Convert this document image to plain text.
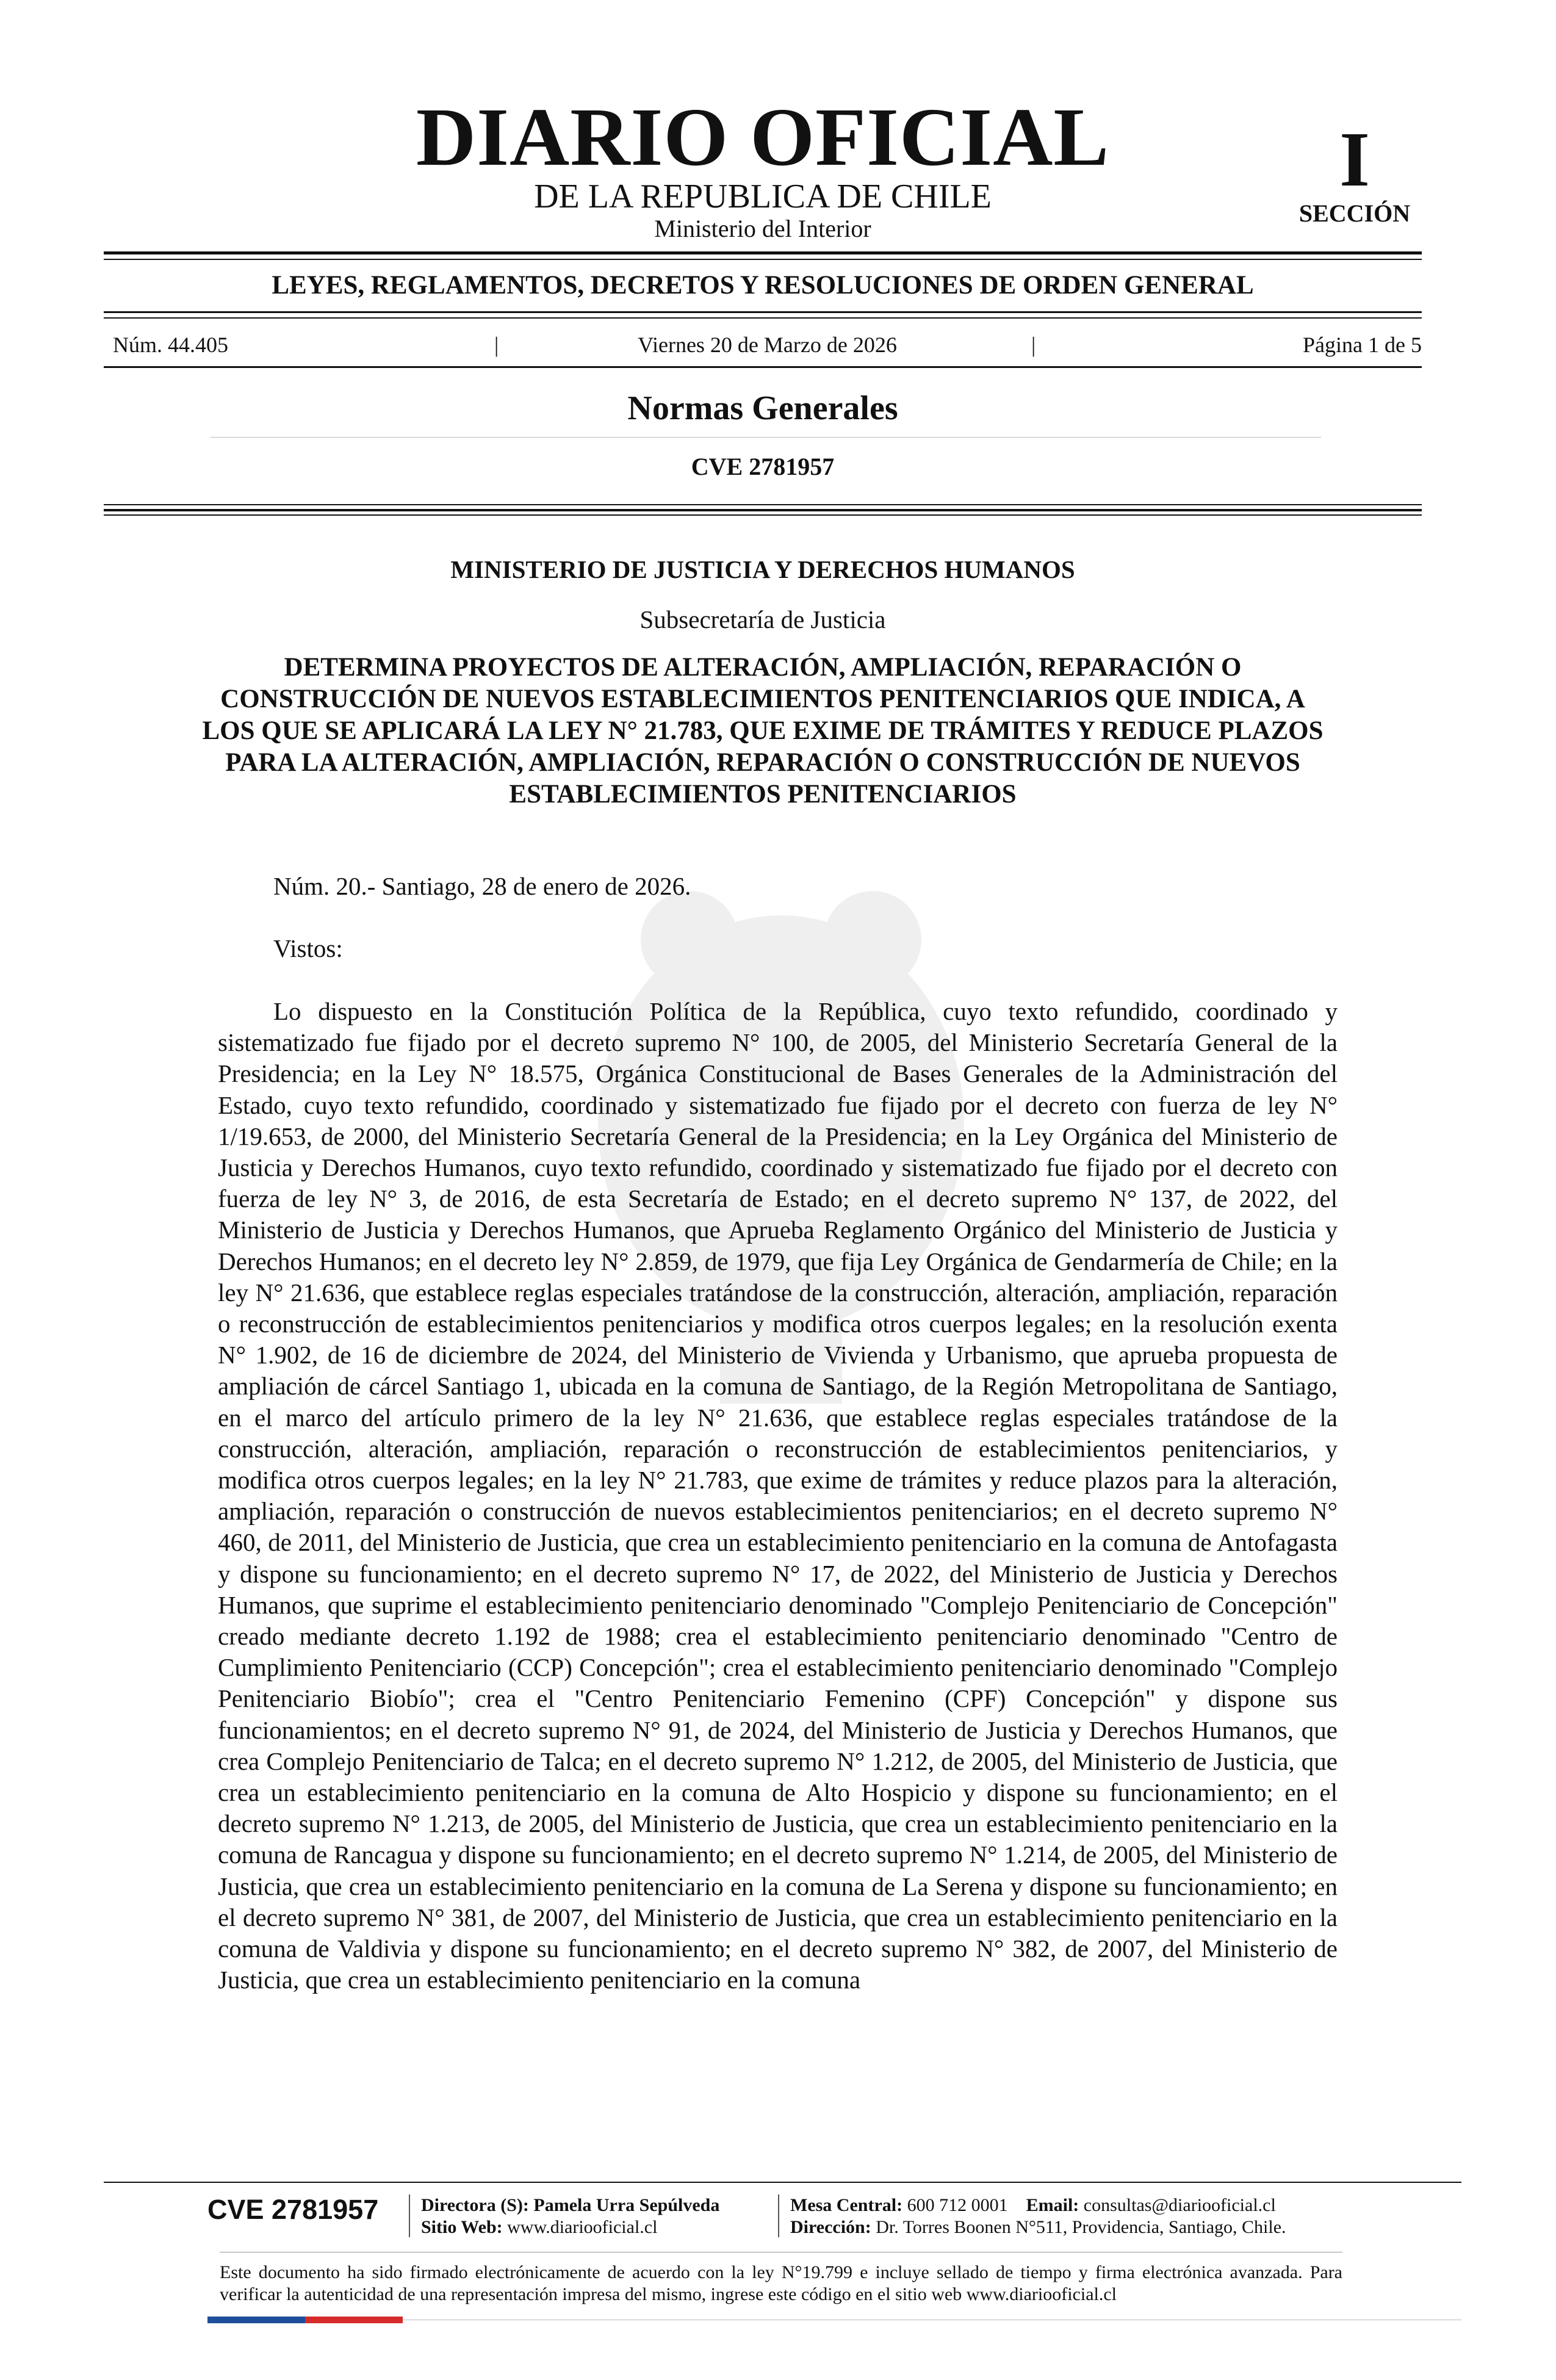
DIARIO OFICIAL
DE LA REPUBLICA DE CHILE
Ministerio del Interior
I
SECCIÓN
LEYES, REGLAMENTOS, DECRETOS Y RESOLUCIONES DE ORDEN GENERAL
Núm. 44.405	|	Viernes 20 de Marzo de 2026	|	Página 1 de 5
Normas Generales
CVE 2781957
MINISTERIO DE JUSTICIA Y DERECHOS HUMANOS
Subsecretaría de Justicia
DETERMINA PROYECTOS DE ALTERACIÓN, AMPLIACIÓN, REPARACIÓN O CONSTRUCCIÓN DE NUEVOS ESTABLECIMIENTOS PENITENCIARIOS QUE INDICA, A LOS QUE SE APLICARÁ LA LEY N° 21.783, QUE EXIME DE TRÁMITES Y REDUCE PLAZOS PARA LA ALTERACIÓN, AMPLIACIÓN, REPARACIÓN O CONSTRUCCIÓN DE NUEVOS ESTABLECIMIENTOS PENITENCIARIOS
Núm. 20.- Santiago, 28 de enero de 2026.
Vistos:
Lo dispuesto en la Constitución Política de la República, cuyo texto refundido, coordinado y sistematizado fue fijado por el decreto supremo N° 100, de 2005, del Ministerio Secretaría General de la Presidencia; en la Ley N° 18.575, Orgánica Constitucional de Bases Generales de la Administración del Estado, cuyo texto refundido, coordinado y sistematizado fue fijado por el decreto con fuerza de ley N° 1/19.653, de 2000, del Ministerio Secretaría General de la Presidencia; en la Ley Orgánica del Ministerio de Justicia y Derechos Humanos, cuyo texto refundido, coordinado y sistematizado fue fijado por el decreto con fuerza de ley N° 3, de 2016, de esta Secretaría de Estado; en el decreto supremo N° 137, de 2022, del Ministerio de Justicia y Derechos Humanos, que Aprueba Reglamento Orgánico del Ministerio de Justicia y Derechos Humanos; en el decreto ley N° 2.859, de 1979, que fija Ley Orgánica de Gendarmería de Chile; en la ley N° 21.636, que establece reglas especiales tratándose de la construcción, alteración, ampliación, reparación o reconstrucción de establecimientos penitenciarios y modifica otros cuerpos legales; en la resolución exenta N° 1.902, de 16 de diciembre de 2024, del Ministerio de Vivienda y Urbanismo, que aprueba propuesta de ampliación de cárcel Santiago 1, ubicada en la comuna de Santiago, de la Región Metropolitana de Santiago, en el marco del artículo primero de la ley N° 21.636, que establece reglas especiales tratándose de la construcción, alteración, ampliación, reparación o reconstrucción de establecimientos penitenciarios, y modifica otros cuerpos legales; en la ley N° 21.783, que exime de trámites y reduce plazos para la alteración, ampliación, reparación o construcción de nuevos establecimientos penitenciarios; en el decreto supremo N° 460, de 2011, del Ministerio de Justicia, que crea un establecimiento penitenciario en la comuna de Antofagasta y dispone su funcionamiento; en el decreto supremo N° 17, de 2022, del Ministerio de Justicia y Derechos Humanos, que suprime el establecimiento penitenciario denominado "Complejo Penitenciario de Concepción" creado mediante decreto 1.192 de 1988; crea el establecimiento penitenciario denominado "Centro de Cumplimiento Penitenciario (CCP) Concepción"; crea el establecimiento penitenciario denominado "Complejo Penitenciario Biobío"; crea el "Centro Penitenciario Femenino (CPF) Concepción" y dispone sus funcionamientos; en el decreto supremo N° 91, de 2024, del Ministerio de Justicia y Derechos Humanos, que crea Complejo Penitenciario de Talca; en el decreto supremo N° 1.212, de 2005, del Ministerio de Justicia, que crea un establecimiento penitenciario en la comuna de Alto Hospicio y dispone su funcionamiento; en el decreto supremo N° 1.213, de 2005, del Ministerio de Justicia, que crea un establecimiento penitenciario en la comuna de Rancagua y dispone su funcionamiento; en el decreto supremo N° 1.214, de 2005, del Ministerio de Justicia, que crea un establecimiento penitenciario en la comuna de La Serena y dispone su funcionamiento; en el decreto supremo N° 381, de 2007, del Ministerio de Justicia, que crea un establecimiento penitenciario en la comuna de Valdivia y dispone su funcionamiento; en el decreto supremo N° 382, de 2007, del Ministerio de Justicia, que crea un establecimiento penitenciario en la comuna
CVE 2781957 Directora (S): Pamela Urra Sepúlveda
Sitio Web: www.diariooficial.cl
Mesa Central: 600 712 0001 Email: consultas@diariooficial.cl
Dirección: Dr. Torres Boonen N°511, Providencia, Santiago, Chile.
Este documento ha sido firmado electrónicamente de acuerdo con la ley N°19.799 e incluye sellado de tiempo y firma electrónica avanzada. Para verificar la autenticidad de una representación impresa del mismo, ingrese este código en el sitio web www.diariooficial.cl
